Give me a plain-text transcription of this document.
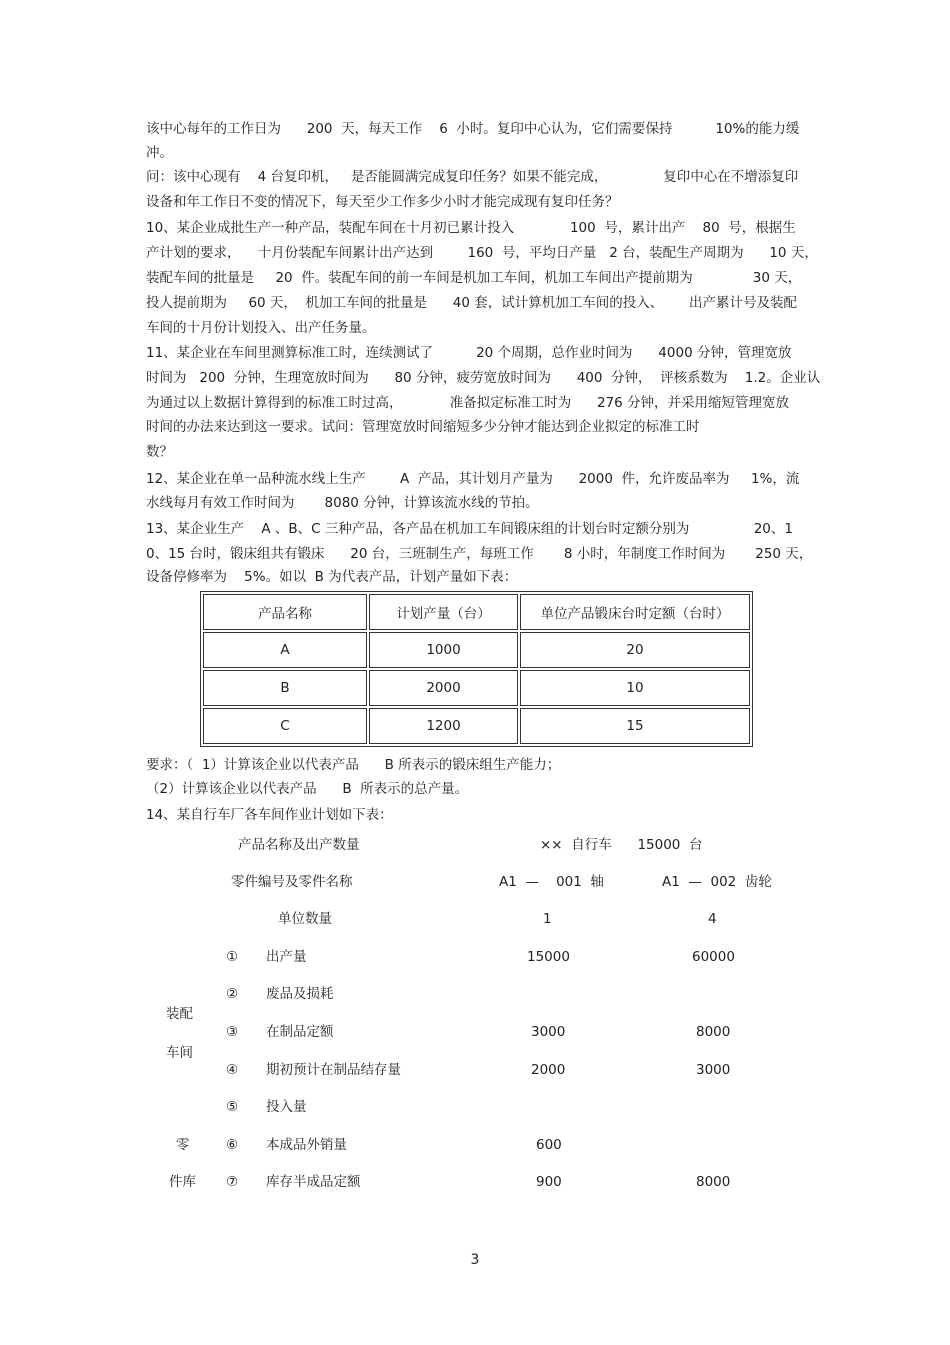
该中心每年的工作日为      200  天，每天工作    6  小时。复印中心认为，它们需要保持          10%的能力缓
冲。
问：该中心现有    4 台复印机，   是否能圆满完成复印任务？如果不能完成，             复印中心在不增添复印
设备和年工作日不变的情况下，每天至少工作多少小时才能完成现有复印任务？
10、某企业成批生产一种产品，装配车间在十月初已累计投入             100  号，累计出产    80  号，根据生
产计划的要求，    十月份装配车间累计出产达到        160  号，平均日产量   2 台，装配生产周期为      10 天，
装配车间的批量是     20  件。装配车间的前一车间是机加工车间，机加工车间出产提前期为              30 天，
投人提前期为     60 天，  机加工车间的批量是      40 套，试计算机加工车间的投入、      出产累计号及装配
车间的十月份计划投入、出产任务量。
11、某企业在车间里测算标准工时，连续测试了          20 个周期，总作业时间为      4000 分钟，管理宽放
时间为   200  分钟，生理宽放时间为      80 分钟，疲劳宽放时间为      400  分钟，  评核系数为    1.2。企业认
为通过以上数据计算得到的标准工时过高，           准备拟定标准工时为      276 分钟，并采用缩短管理宽放
时间的办法来达到这一要求。试问：管理宽放时间缩短多少分钟才能达到企业拟定的标准工时
数？
12、某企业在单一品种流水线上生产        A  产品，其计划月产量为      2000  件，允许废品率为     1%，流
水线每月有效工作时间为       8080 分钟，计算该流水线的节拍。
13、某企业生产    A 、B、C 三种产品，各产品在机加工车间锻床组的计划台时定额分别为               20、1
0、15 台时，锻床组共有锻床      20 台，三班制生产，每班工作       8 小时，年制度工作时间为       250 天，
设备停修率为    5%。如以  B 为代表产品，计划产量如下表：
产品名称	计划产量（台）	单位产品锻床台时定额（台时）
A	1000	20
B	2000	10
C	1200	15
要求：（  1）计算该企业以代表产品      B 所表示的锻床组生产能力；
（2）计算该企业以代表产品      B  所表示的总产量。
14、某自行车厂各车间作业计划如下表：
产品名称及出产数量	××  自行车      15000  台
零件编号及零件名称	A1  —    001  轴	A1  —  002  齿轮
单位数量	1	4
装配
车间
零
件库
① 出产量	15000	60000
② 废品及损耗
③ 在制品定额	3000	8000
④ 期初预计在制品结存量	2000	3000
⑤ 投入量
⑥ 本成品外销量	600
⑦ 库存半成品定额	900	8000
3
